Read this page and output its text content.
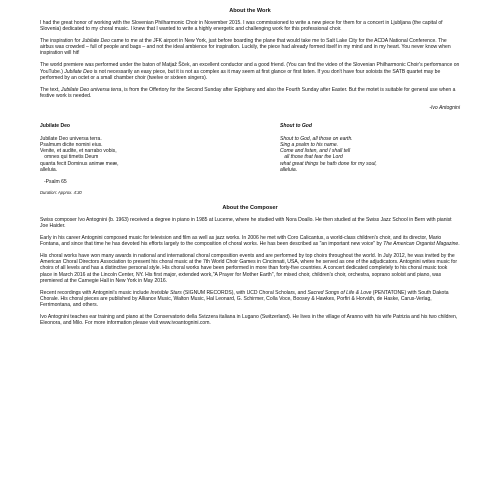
About the Work

I had the great honor of working with the Slovenian Philharmonic Choir in November 2015. I was commissioned to write a new piece for them for a concert in Ljubljana (the capital of Slovenia) dedicated to my choral music. I knew that I wanted to write a highly energetic and challenging work for this professional choir.

The inspiration for Jubilate Deo came to me at the JFK airport in New York, just before boarding the plane that would take me to Salt Lake City for the ACDA National Conference. The airbus was crowded – full of people and bags – and not the ideal ambience for inspiration. Luckily, the piece had already formed itself in my mind and in my heart. You never know when inspiration will hit!

The world premiere was performed under the baton of Matjaž Šček, an excellent conductor and a good friend. (You can find the video of the Slovenian Philharmonic Choir's performance on YouTube.) Jubilate Deo is not necessarily an easy piece, but it is not as complex as it may seem at first glance or first listen. If you don't have four soloists the SATB quartet may be performed by an octet or a small chamber choir (twelve or sixteen singers).

The text, Jubilate Deo universa terra, is from the Offertory for the Second Sunday after Epiphany and also the Fourth Sunday after Easter. But the motet is suitable for general use when a festive work is needed.

-Ivo Antognini
Jubilate Deo
Jubilate Deo universa terra.
Psalmum dicite nomini eius.
Venite, et audite, et narrabo vobis,
omnes qui timetis Deum
quanta fecit Dominus animæ meæ,
alleluia.
-Psalm 65
Duration: Approx. 4:30
Shout to God
Shout to God, all those on earth.
Sing a psalm to his name.
Come and listen, and I shall tell
all those that fear the Lord
what great things he hath done for my soul,
alleluia.
About the Composer

Swiss composer Ivo Antognini (b. 1963) received a degree in piano in 1985 at Lucerne, where he studied with Nora Doallo. He then studied at the Swiss Jazz School in Bern with pianist Joe Haider.

Early in his career Antognini composed music for television and film as well as jazz works. In 2006 he met with Coro Calicantus, a world-class children's choir, and its director, Mario Fontana, and since that time he has devoted his efforts largely to the composition of choral works. He has been described as "an important new voice" by The American Organist Magazine.

His choral works have won many awards in national and international choral composition events and are performed by top choirs throughout the world. In July 2012, he was invited by the American Choral Directors Association to present his choral music at the 7th World Choir Games in Cincinnati, USA, where he served as one of the adjudicators. Antognini writes music for choirs of all levels and has a distinctive personal style. His choral works have been performed in more than forty-five countries. A concert dedicated completely to his choral music took place in March 2016 at the Lincoln Center, NY. His first major, extended work,"A Prayer for Mother Earth", for mixed choir, children's choir, orchestra, soprano soloist and piano, was premiered at the Carnegie Hall in New York in May 2016.

Recent recordings with Antognini's music include Invisible Stars (SIGNUM RECORDS), with UCD Choral Scholars, and Sacred Songs of Life & Love (PENTATONE) with South Dakota Chorale. His choral pieces are published by Alliance Music, Walton Music, Hal Leonard, G. Schirmer, Colla Voce, Boosey & Hawkes, Porfiri & Horváth, de Haske, Carus-Verlag, Ferrimontana, and others.

Ivo Antognini teaches ear training and piano at the Conservatorio della Svizzera italiana in Lugano (Switzerland). He lives in the village of Aranno with his wife Patrizia and his two children, Eleonora, and Milo. For more information please visit www.ivoantognini.com.
